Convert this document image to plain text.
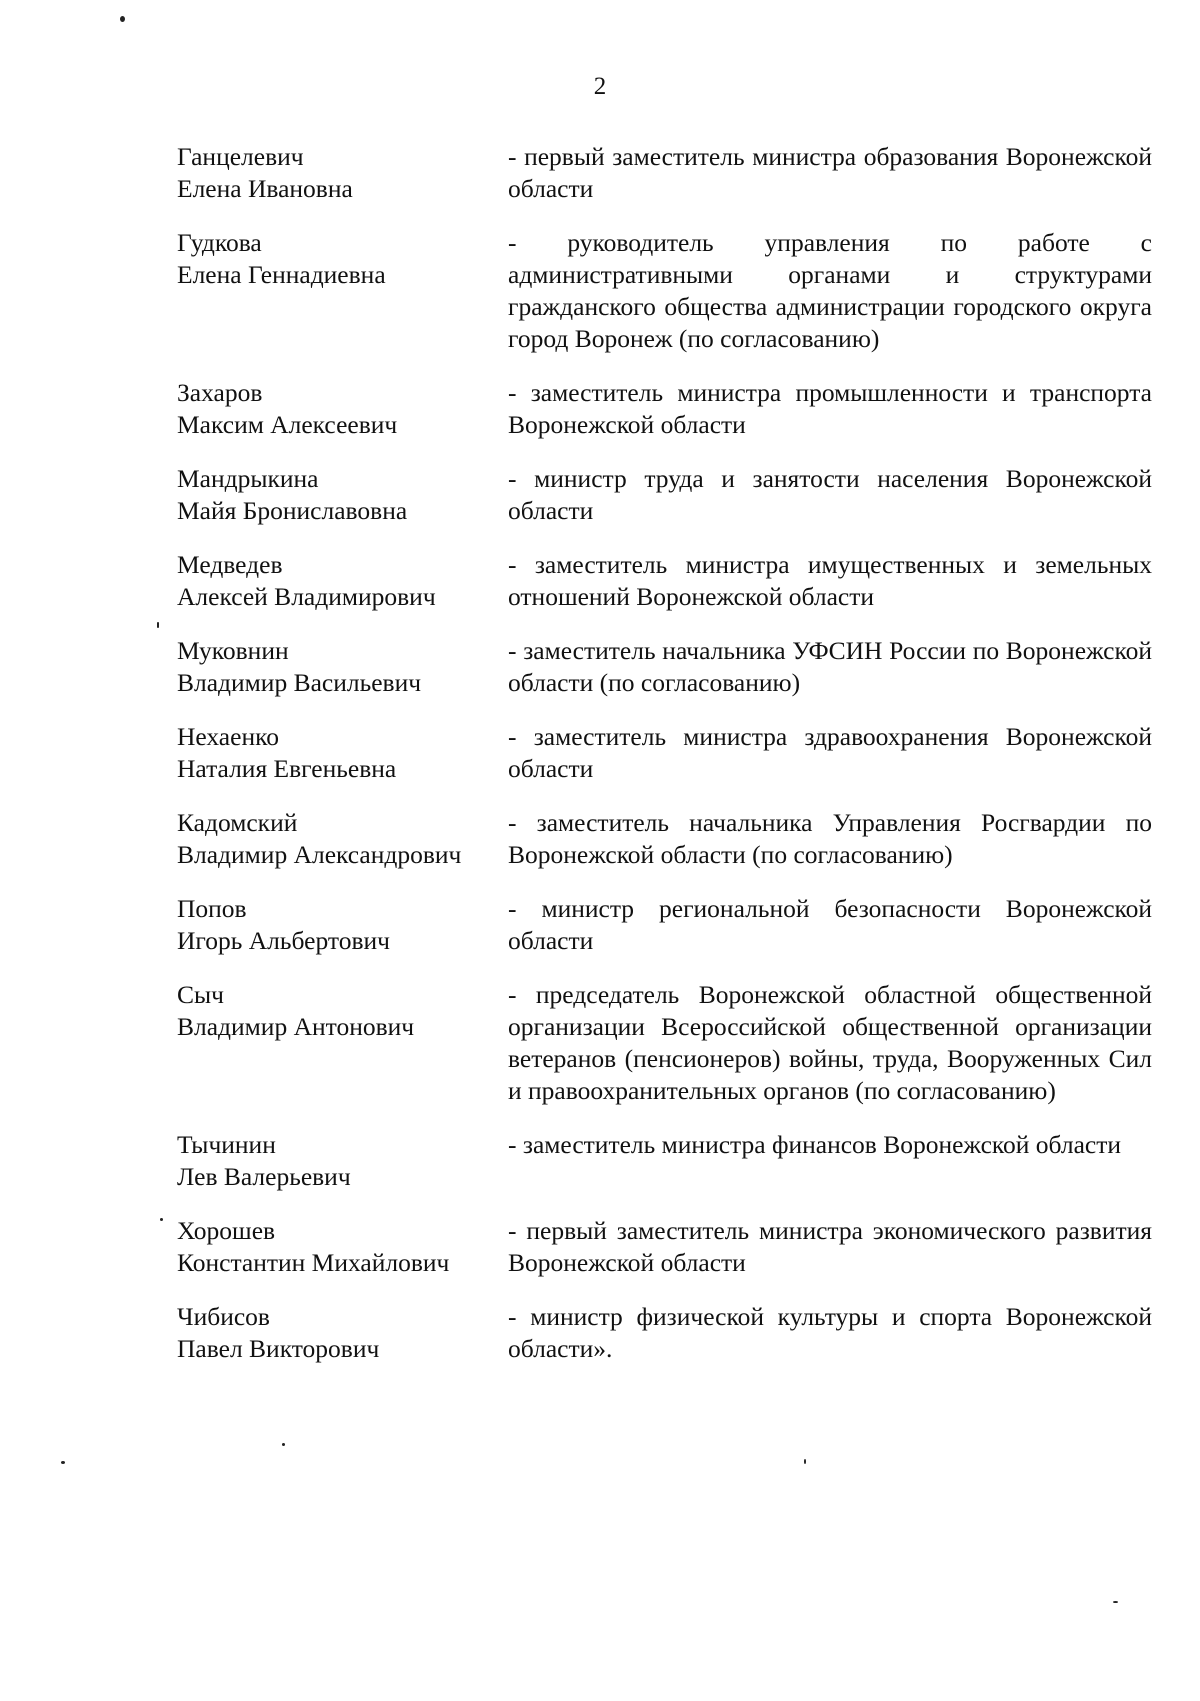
2
Ганцелевич
Елена Ивановна
- первый заместитель министра образования Воронежской области
Гудкова
Елена Геннадиевна
- руководитель управления по работе с административными органами и структурами гражданского общества администрации городского округа город Воронеж (по согласованию)
Захаров
Максим Алексеевич
- заместитель министра промышленности и транспорта Воронежской области
Мандрыкина
Майя Брониславовна
- министр труда и занятости населения Воронежской области
Медведев
Алексей Владимирович
- заместитель министра имущественных и земельных отношений Воронежской области
Муковнин
Владимир Васильевич
- заместитель начальника УФСИН России по Воронежской области (по согласованию)
Нехаенко
Наталия Евгеньевна
- заместитель министра здравоохранения Воронежской области
Кадомский
Владимир Александрович
- заместитель начальника Управления Росгвардии по Воронежской области (по согласованию)
Попов
Игорь Альбертович
- министр региональной безопасности Воронежской области
Сыч
Владимир Антонович
- председатель Воронежской областной общественной организации Всероссийской общественной организации ветеранов (пенсионеров) войны, труда, Вооруженных Сил и правоохранительных органов (по согласованию)
Тычинин
Лев Валерьевич
- заместитель министра финансов Воронежской области
Хорошев
Константин Михайлович
- первый заместитель министра экономического развития Воронежской области
Чибисов
Павел Викторович
- министр физической культуры и спорта Воронежской области».
